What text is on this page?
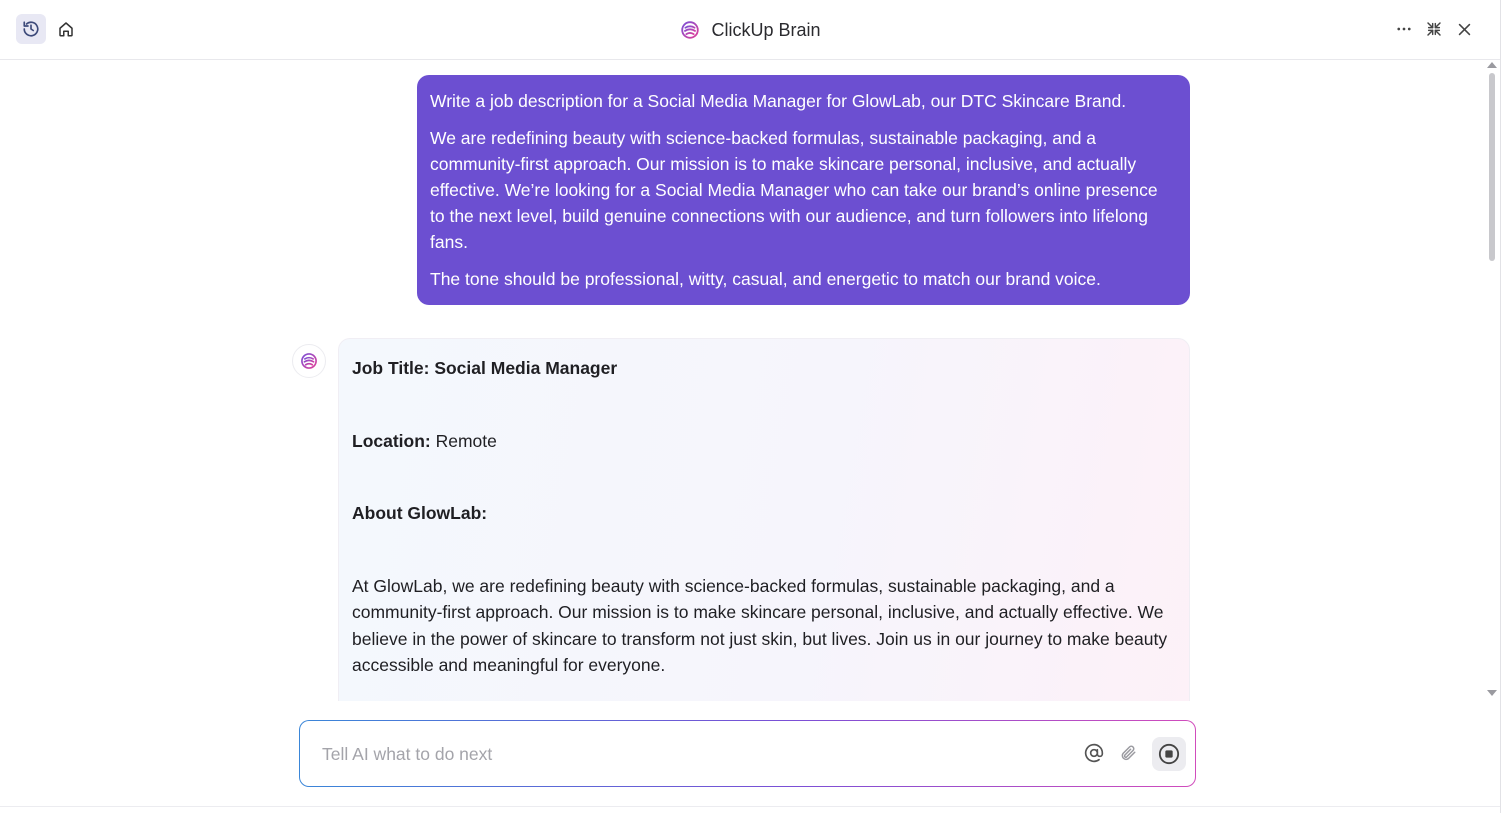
ClickUp Brain

Write a job description for a Social Media Manager for GlowLab, our DTC Skincare Brand.

We are redefining beauty with science-backed formulas, sustainable packaging, and a community-first approach. Our mission is to make skincare personal, inclusive, and actually effective. We’re looking for a Social Media Manager who can take our brand’s online presence to the next level, build genuine connections with our audience, and turn followers into lifelong fans.

The tone should be professional, witty, casual, and energetic to match our brand voice.

Job Title: Social Media Manager
Location: Remote
About GlowLab:

At GlowLab, we are redefining beauty with science-backed formulas, sustainable packaging, and a community-first approach. Our mission is to make skincare personal, inclusive, and actually effective. We believe in the power of skincare to transform not just skin, but lives. Join us in our journey to make beauty accessible and meaningful for everyone.

Tell AI what to do next
